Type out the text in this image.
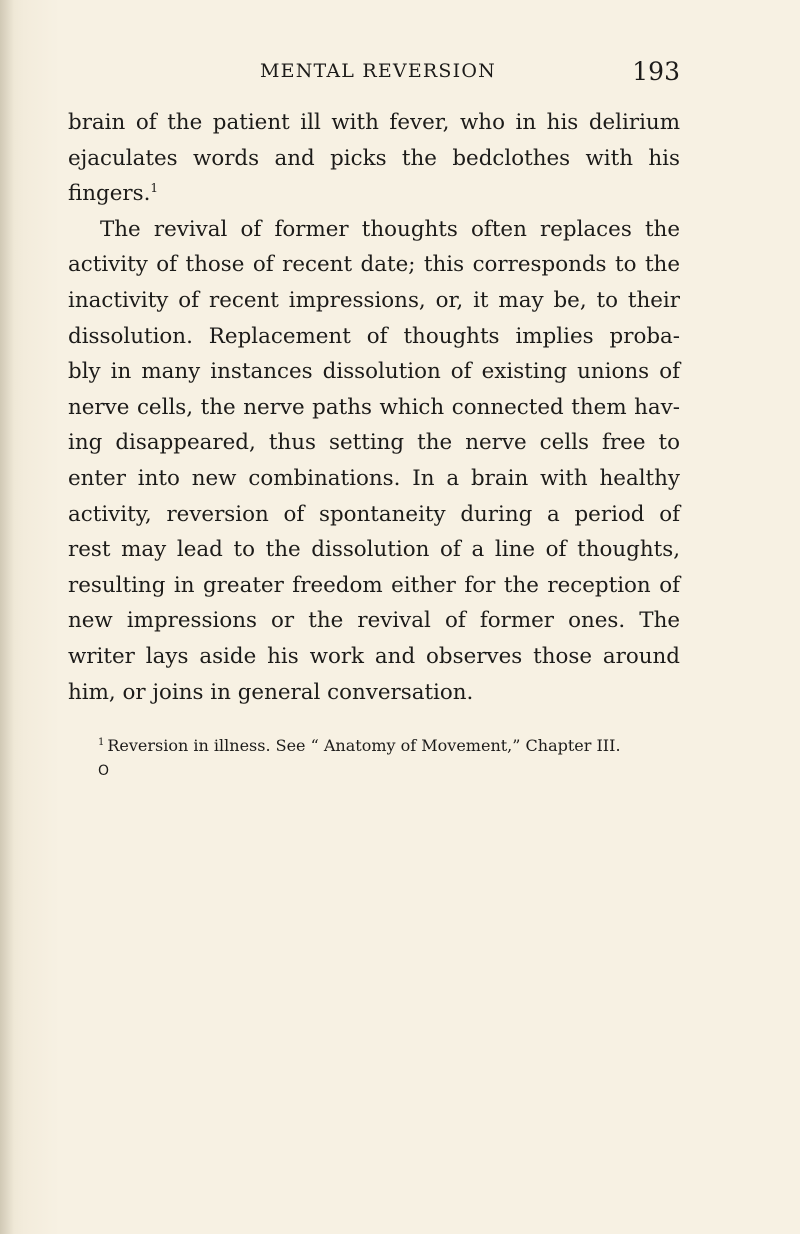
MENTAL REVERSION	193
brain of the patient ill with fever, who in his delirium
ejaculates words and picks the bedclothes with his
fingers.$^1$
The revival of former thoughts often replaces the
activity of those of recent date; this corresponds to the
inactivity of recent impressions, or, it may be, to their
dissolution. Replacement of thoughts implies proba-
bly in many instances dissolution of existing unions of
nerve cells, the nerve paths which connected them hav-
ing disappeared, thus setting the nerve cells free to
enter into new combinations. In a brain with healthy
activity, reversion of spontaneity during a period of
rest may lead to the dissolution of a line of thoughts,
resulting in greater freedom either for the reception of
new impressions or the revival of former ones. The
writer lays aside his work and observes those around
him, or joins in general conversation.
$^1$ Reversion in illness. See “ Anatomy of Movement,” Chapter III.
O
